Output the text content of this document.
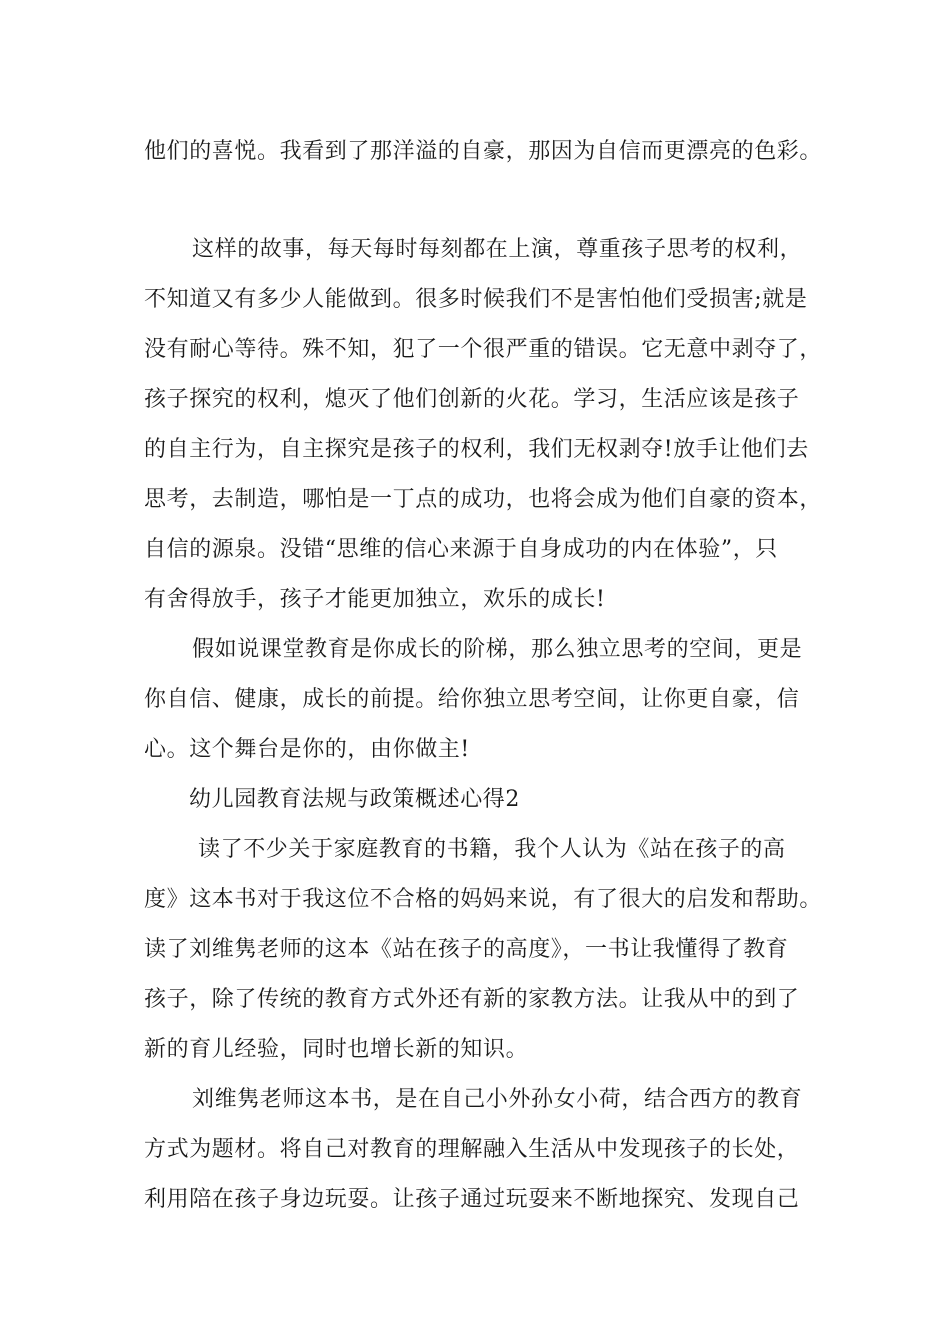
他们的喜悦。我看到了那洋溢的自豪，那因为自信而更漂亮的色彩。
这样的故事，每天每时每刻都在上演，尊重孩子思考的权利，
不知道又有多少人能做到。很多时候我们不是害怕他们受损害;就是
没有耐心等待。殊不知，犯了一个很严重的错误。它无意中剥夺了，
孩子探究的权利，熄灭了他们创新的火花。学习，生活应该是孩子
的自主行为，自主探究是孩子的权利，我们无权剥夺!放手让他们去
思考，去制造，哪怕是一丁点的成功，也将会成为他们自豪的资本，
自信的源泉。没错“思维的信心来源于自身成功的内在体验”，只
有舍得放手，孩子才能更加独立，欢乐的成长!
假如说课堂教育是你成长的阶梯，那么独立思考的空间，更是
你自信、健康，成长的前提。给你独立思考空间，让你更自豪，信
心。这个舞台是你的，由你做主!
幼儿园教育法规与政策概述心得2
读了不少关于家庭教育的书籍，我个人认为《站在孩子的高
度》这本书对于我这位不合格的妈妈来说，有了很大的启发和帮助。
读了刘维隽老师的这本《站在孩子的高度》，一书让我懂得了教育
孩子，除了传统的教育方式外还有新的家教方法。让我从中的到了
新的育儿经验，同时也增长新的知识。
刘维隽老师这本书，是在自己小外孙女小荷，结合西方的教育
方式为题材。将自己对教育的理解融入生活从中发现孩子的长处，
利用陪在孩子身边玩耍。让孩子通过玩耍来不断地探究、发现自己
